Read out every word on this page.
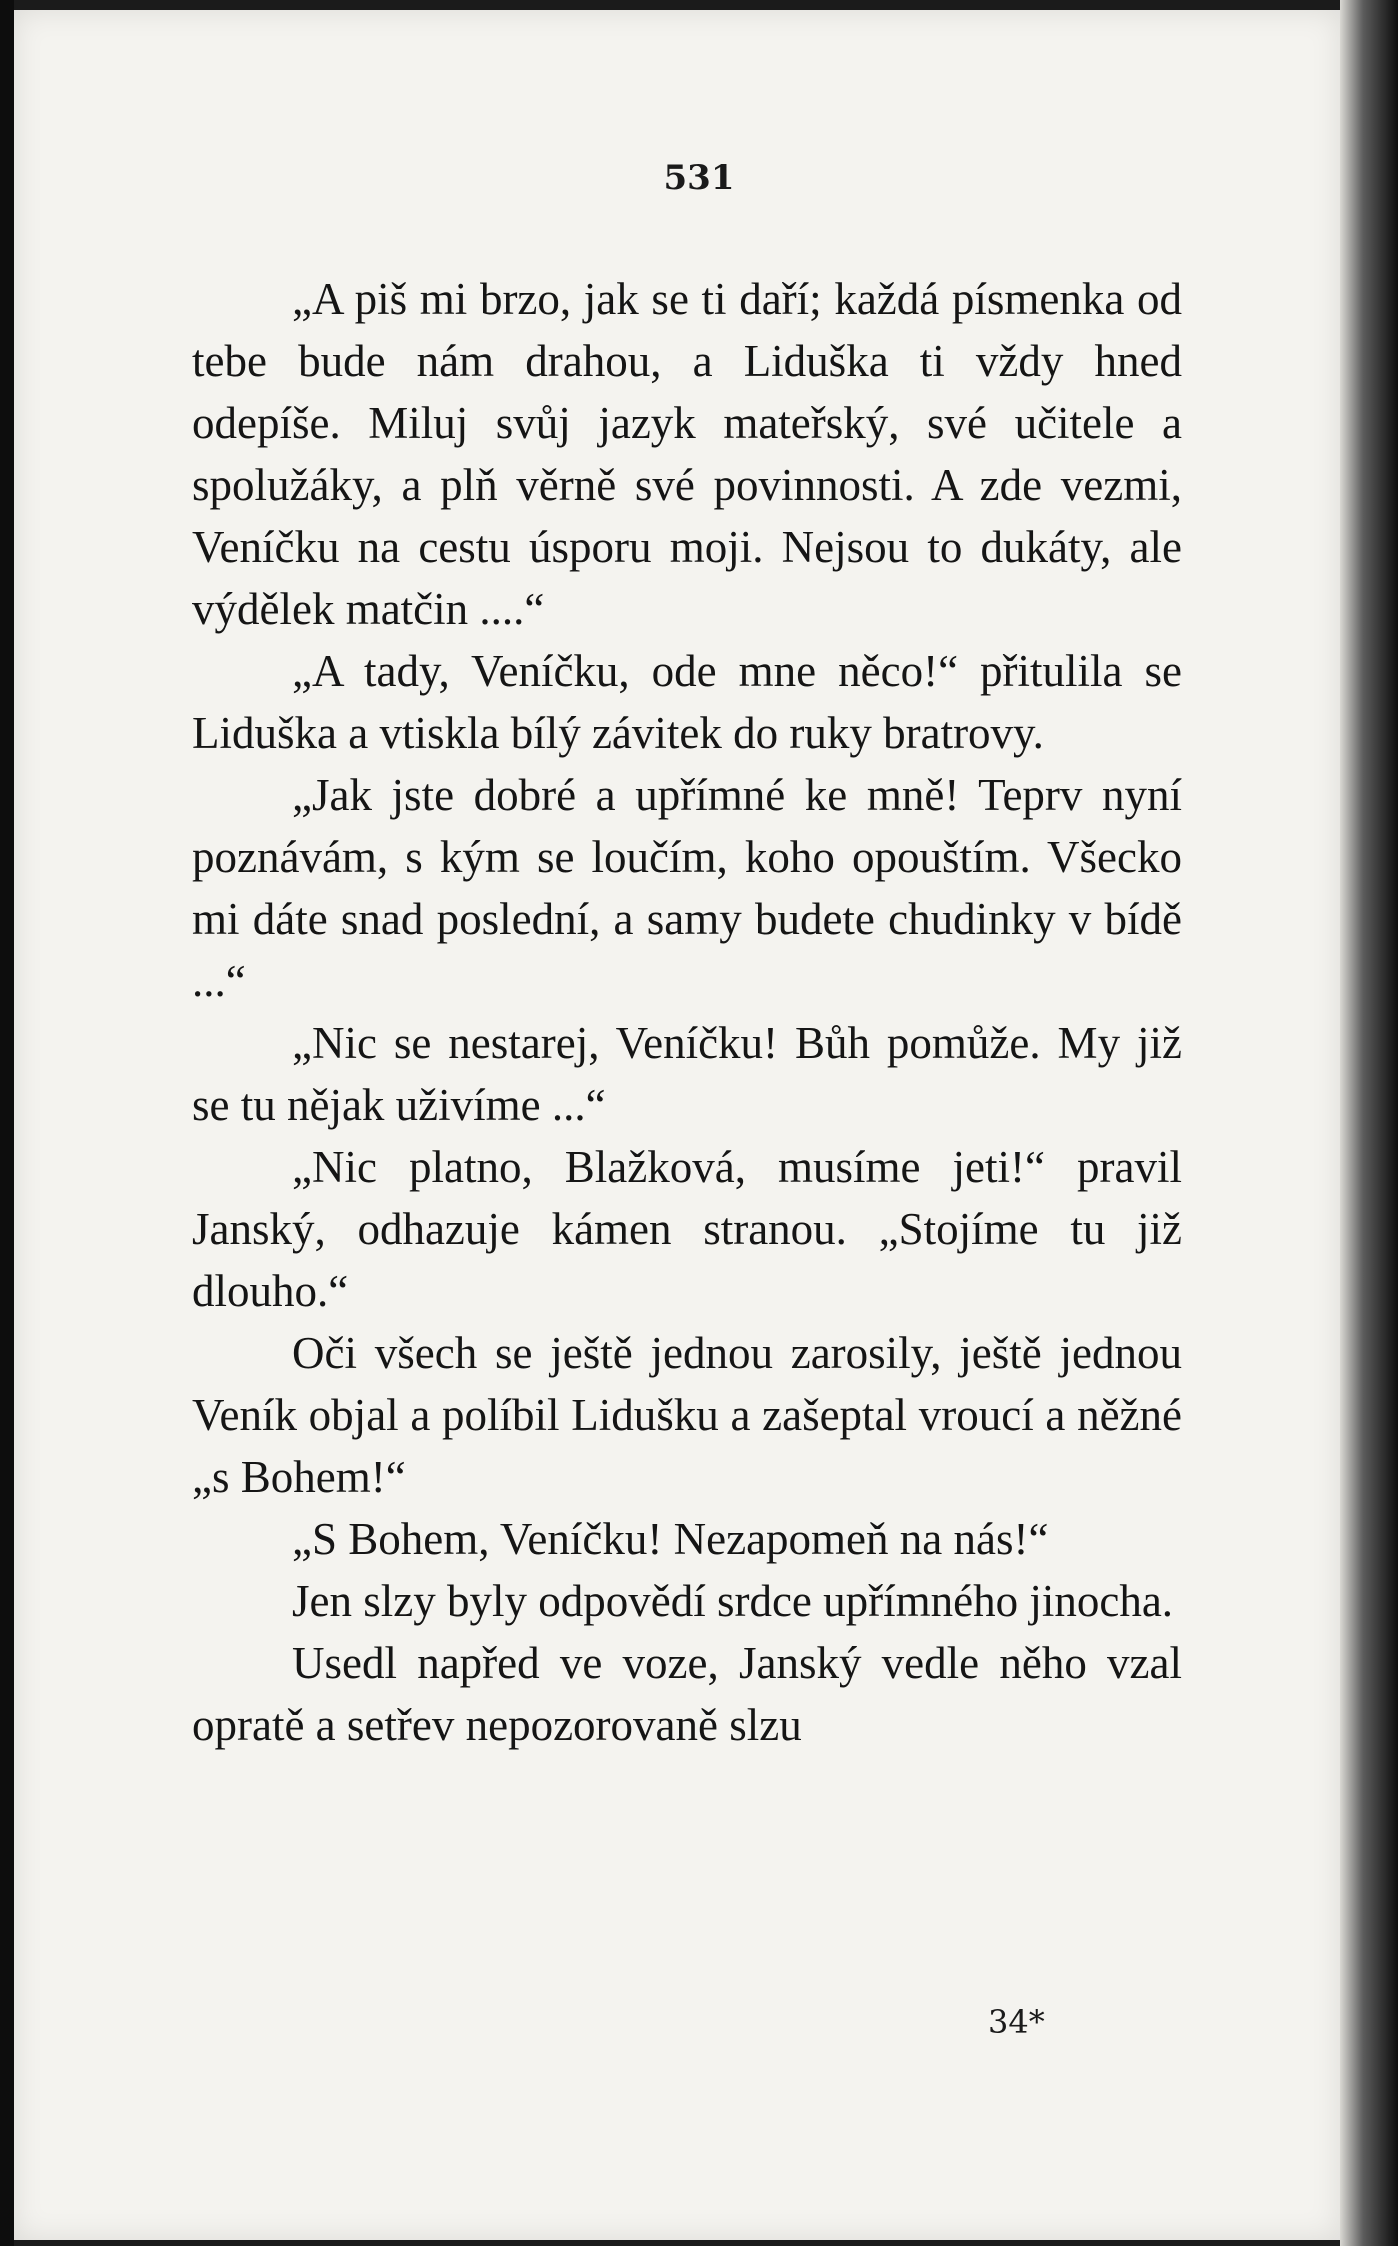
531

„A piš mi brzo, jak se ti daří; každá písmenka od tebe bude nám drahou, a Liduška ti vždy hned odepíše. Miluj svůj jazyk mateřský, své učitele a spolužáky, a plň věrně své povinnosti. A zde vezmi, Veníčku na cestu úsporu moji. Nejsou to dukáty, ale výdělek matčin ....“

„A tady, Veníčku, ode mne něco!“ přitulila se Liduška a vtiskla bílý závitek do ruky bratrovy.

„Jak jste dobré a upřímné ke mně! Teprv nyní poznávám, s kým se loučím, koho opouštím. Všecko mi dáte snad poslední, a samy budete chudinky v bídě ...“

„Nic se nestarej, Veníčku! Bůh pomůže. My již se tu nějak uživíme ...“

„Nic platno, Blažková, musíme jeti!“ pravil Janský, odhazuje kámen stranou. „Stojíme tu již dlouho.“

Oči všech se ještě jednou zarosily, ještě jednou Veník objal a políbil Lidušku a zašeptal vroucí a něžné „s Bohem!“

„S Bohem, Veníčku! Nezapomeň na nás!“

Jen slzy byly odpovědí srdce upřímného jinocha.

Usedl napřed ve voze, Janský vedle něho vzal opratě a setřev nepozorovaně slzu

34*
